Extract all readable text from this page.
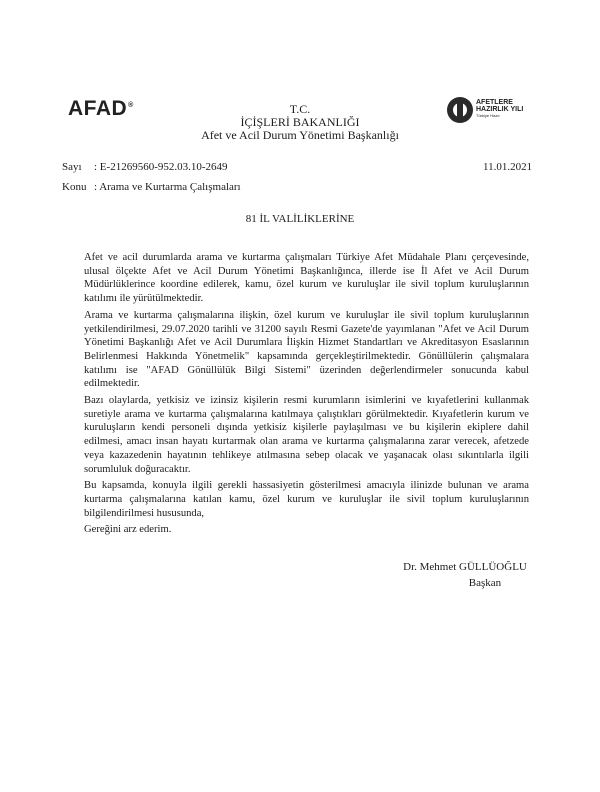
AFAD®	AFETLERE
HAZIRLIK YILI
Türkiye Hazır
T.C.
İÇİŞLERİ BAKANLIĞI
Afet ve Acil Durum Yönetimi Başkanlığı
Sayı : E-21269560-952.03.10-2649	11.01.2021
Konu : Arama ve Kurtarma Çalışmaları
81 İL VALİLİKLERİNE

Afet ve acil durumlarda arama ve kurtarma çalışmaları Türkiye Afet Müdahale Planı çerçevesinde, ulusal ölçekte Afet ve Acil Durum Yönetimi Başkanlığınca, illerde ise İl Afet ve Acil Durum Müdürlüklerince koordine edilerek, kamu, özel kurum ve kuruluşlar ile sivil toplum kuruluşlarının katılımı ile yürütülmektedir.

Arama ve kurtarma çalışmalarına ilişkin, özel kurum ve kuruluşlar ile sivil toplum kuruluşlarının yetkilendirilmesi, 29.07.2020 tarihli ve 31200 sayılı Resmi Gazete'de yayımlanan "Afet ve Acil Durum Yönetimi Başkanlığı Afet ve Acil Durumlara İlişkin Hizmet Standartları ve Akreditasyon Esaslarının Belirlenmesi Hakkında Yönetmelik" kapsamında gerçekleştirilmektedir. Gönüllülerin çalışmalara katılımı ise "AFAD Gönüllülük Bilgi Sistemi" üzerinden değerlendirmeler sonucunda kabul edilmektedir.

Bazı olaylarda, yetkisiz ve izinsiz kişilerin resmi kurumların isimlerini ve kıyafetlerini kullanmak suretiyle arama ve kurtarma çalışmalarına katılmaya çalıştıkları görülmektedir. Kıyafetlerin kurum ve kuruluşların kendi personeli dışında yetkisiz kişilerle paylaşılması ve bu kişilerin ekiplere dahil edilmesi, amacı insan hayatı kurtarmak olan arama ve kurtarma çalışmalarına zarar verecek, afetzede veya kazazedenin hayatının tehlikeye atılmasına sebep olacak ve yaşanacak olası sıkıntılarla ilgili sorumluluk doğuracaktır.

Bu kapsamda, konuyla ilgili gerekli hassasiyetin gösterilmesi amacıyla ilinizde bulunan ve arama kurtarma çalışmalarına katılan kamu, özel kurum ve kuruluşlar ile sivil toplum kuruluşlarının bilgilendirilmesi hususunda,

Gereğini arz ederim.

Dr. Mehmet GÜLLÜOĞLU
Başkan
